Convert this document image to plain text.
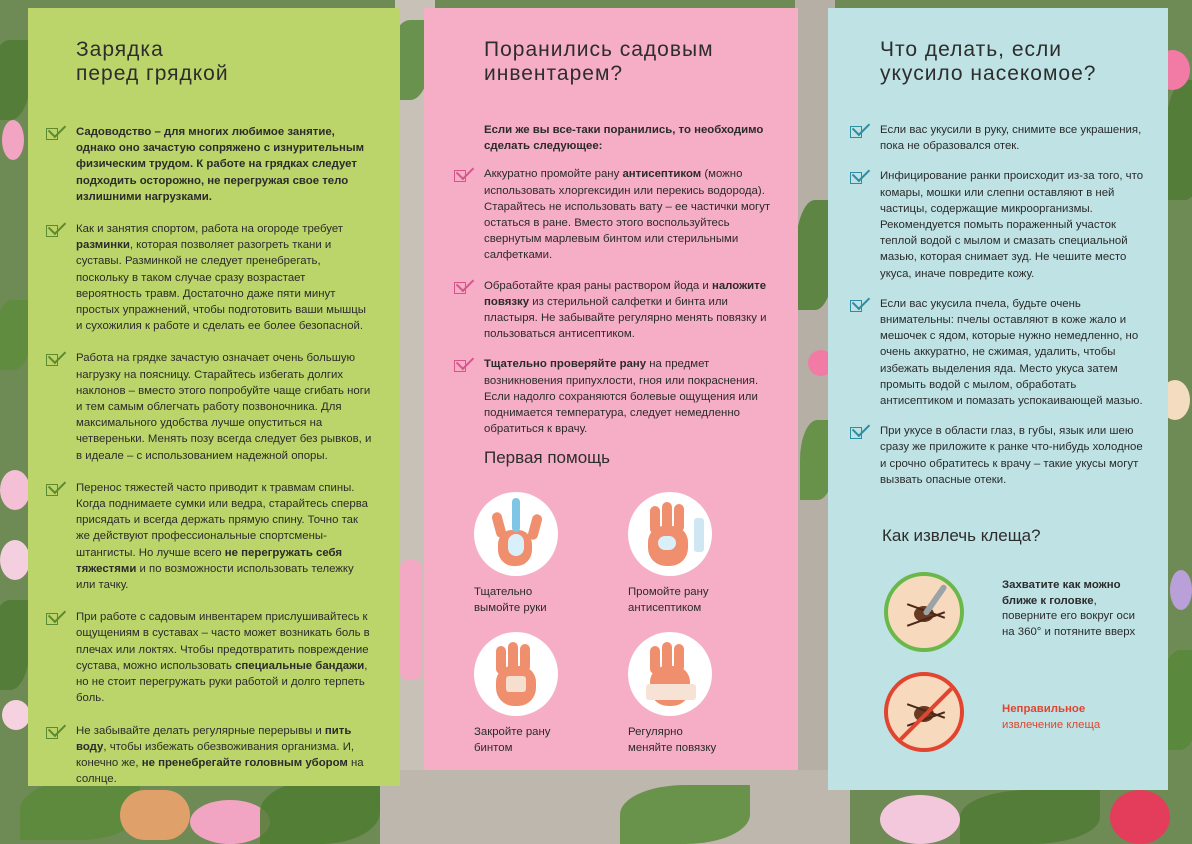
Зарядка
перед грядкой
Садоводство – для многих любимое занятие, однако оно зачастую сопряжено с изнурительным физическим трудом. К работе на грядках следует подходить осторожно, не перегружая свое тело излишними нагрузками.
Как и занятия спортом, работа на огороде требует разминки, которая позволяет разогреть ткани и суставы. Разминкой не следует пренебрегать, поскольку в таком случае сразу возрастает вероятность травм. Достаточно даже пяти минут простых упражнений, чтобы подготовить ваши мышцы и сухожилия к работе и сделать ее более безопасной.
Работа на грядке зачастую означает очень большую нагрузку на поясницу. Старайтесь избегать долгих наклонов – вместо этого попробуйте чаще сгибать ноги и тем самым облегчать работу позвоночника. Для максимального удобства лучше опуститься на четвереньки. Менять позу всегда следует без рывков, и в идеале – с использованием надежной опоры.
Перенос тяжестей часто приводит к травмам спины. Когда поднимаете сумки или ведра, старайтесь сперва присядать и всегда держать прямую спину. Точно так же действуют профессиональные спортсмены-штангисты. Но лучше всего не перегружать себя тяжестями и по возможности использовать тележку или тачку.
При работе с садовым инвентарем прислушивайтесь к ощущениям в суставах – часто может возникать боль в плечах или локтях. Чтобы предотвратить повреждение сустава, можно использовать специальные бандажи, но не стоит перегружать руки работой и долго терпеть боль.
Не забывайте делать регулярные перерывы и пить воду, чтобы избежать обезвоживания организма. И, конечно же, не пренебрегайте головным убором на солнце.
Поранились садовым
инвентарем?
Если же вы все-таки поранились, то необходимо сделать следующее:
Аккуратно промойте рану антисептиком (можно использовать хлоргексидин или перекись водорода). Старайтесь не использовать вату – ее частички могут остаться в ране. Вместо этого воспользуйтесь свернутым марлевым бинтом или стерильными салфетками.
Обработайте края раны раствором йода и наложите повязку из стерильной салфетки и бинта или пластыря. Не забывайте регулярно менять повязку и пользоваться антисептиком.
Тщательно проверяйте рану на предмет возникновения припухлости, гноя или покраснения. Если надолго сохраняются болевые ощущения или поднимается температура, следует немедленно обратиться к врачу.
Первая помощь
Тщательно
вымойте руки
Промойте рану
антисептиком
Закройте рану
бинтом
Регулярно
меняйте повязку
Что делать, если
укусило насекомое?
Если вас укусили в руку, снимите все украшения, пока не образовался отек.
Инфицирование ранки происходит из-за того, что комары, мошки или слепни оставляют в ней частицы, содержащие микроорганизмы. Рекомендуется помыть пораженный участок теплой водой с мылом и смазать специальной мазью, которая снимает зуд. Не чешите место укуса, иначе повредите кожу.
Если вас укусила пчела, будьте очень внимательны: пчелы оставляют в коже жало и мешочек с ядом, которые нужно немедленно, но очень аккуратно, не сжимая, удалить, чтобы избежать выделения яда. Место укуса затем промыть водой с мылом, обработать антисептиком и помазать успокаивающей мазью.
При укусе в области глаз, в губы, язык или шею сразу же приложите к ранке что-нибудь холодное и срочно обратитесь к врачу – такие укусы могут вызвать опасные отеки.
Как извлечь клеща?
Захватите как можно ближе к головке, поверните его вокруг оси на 360° и потяните вверх
Неправильное
извлечение клеща
